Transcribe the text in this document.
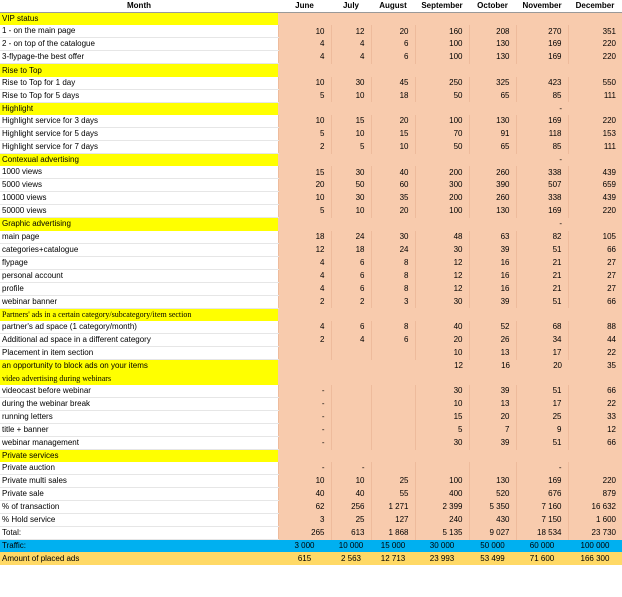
Month	June	July	August	September	October	November	December
VIP status							
1 - on the main page	10	12	20	160	208	270	351
2 - on top of the catalogue	4	4	6	100	130	169	220
3-flypage-the best offer	4	4	6	100	130	169	220
Rise to Top							
Rise to Top for 1 day	10	30	45	250	325	423	550
Rise to Top for 5 days	5	10	18	50	65	85	111
Highlight						-	
Highlight service for 3 days	10	15	20	100	130	169	220
Highlight service for 5 days	5	10	15	70	91	118	153
Highlight service for 7 days	2	5	10	50	65	85	111
Contexual advertising						-	
1000 views	15	30	40	200	260	338	439
5000 views	20	50	60	300	390	507	659
10000 views	10	30	35	200	260	338	439
50000 views	5	10	20	100	130	169	220
Graphic advertising						-	
main page	18	24	30	48	63	82	105
categories+catalogue	12	18	24	30	39	51	66
flypage	4	6	8	12	16	21	27
personal account	4	6	8	12	16	21	27
profile	4	6	8	12	16	21	27
webinar banner	2	2	3	30	39	51	66
Partners' ads in a certain category/subcategory/item section							
partner's ad space (1 category/month)	4	6	8	40	52	68	88
Additional ad space in a different category	2	4	6	20	26	34	44
Placement in item section				10	13	17	22
an opportunity to block ads on your items				12	16	20	35
video advertising during webinars							
videocast before webinar	-			30	39	51	66
during the webinar break	-			10	13	17	22
running letters	-			15	20	25	33
title + banner	-			5	7	9	12
webinar management	-			30	39	51	66
Private services							
Private auction	-	-				-	
Private multi sales	10	10	25	100	130	169	220
Private sale	40	40	55	400	520	676	879
% of transaction	62	256	1 271	2 399	5 350	7 160	16 632
% Hold service	3	25	127	240	430	7 150	1 600
Total:	265	613	1 868	5 135	9 027	18 534	23 730
Traffic:	3 000	10 000	15 000	30 000	50 000	60 000	100 000
Amount of placed ads	615	2 563	12 713	23 993	53 499	71 600	166 300
